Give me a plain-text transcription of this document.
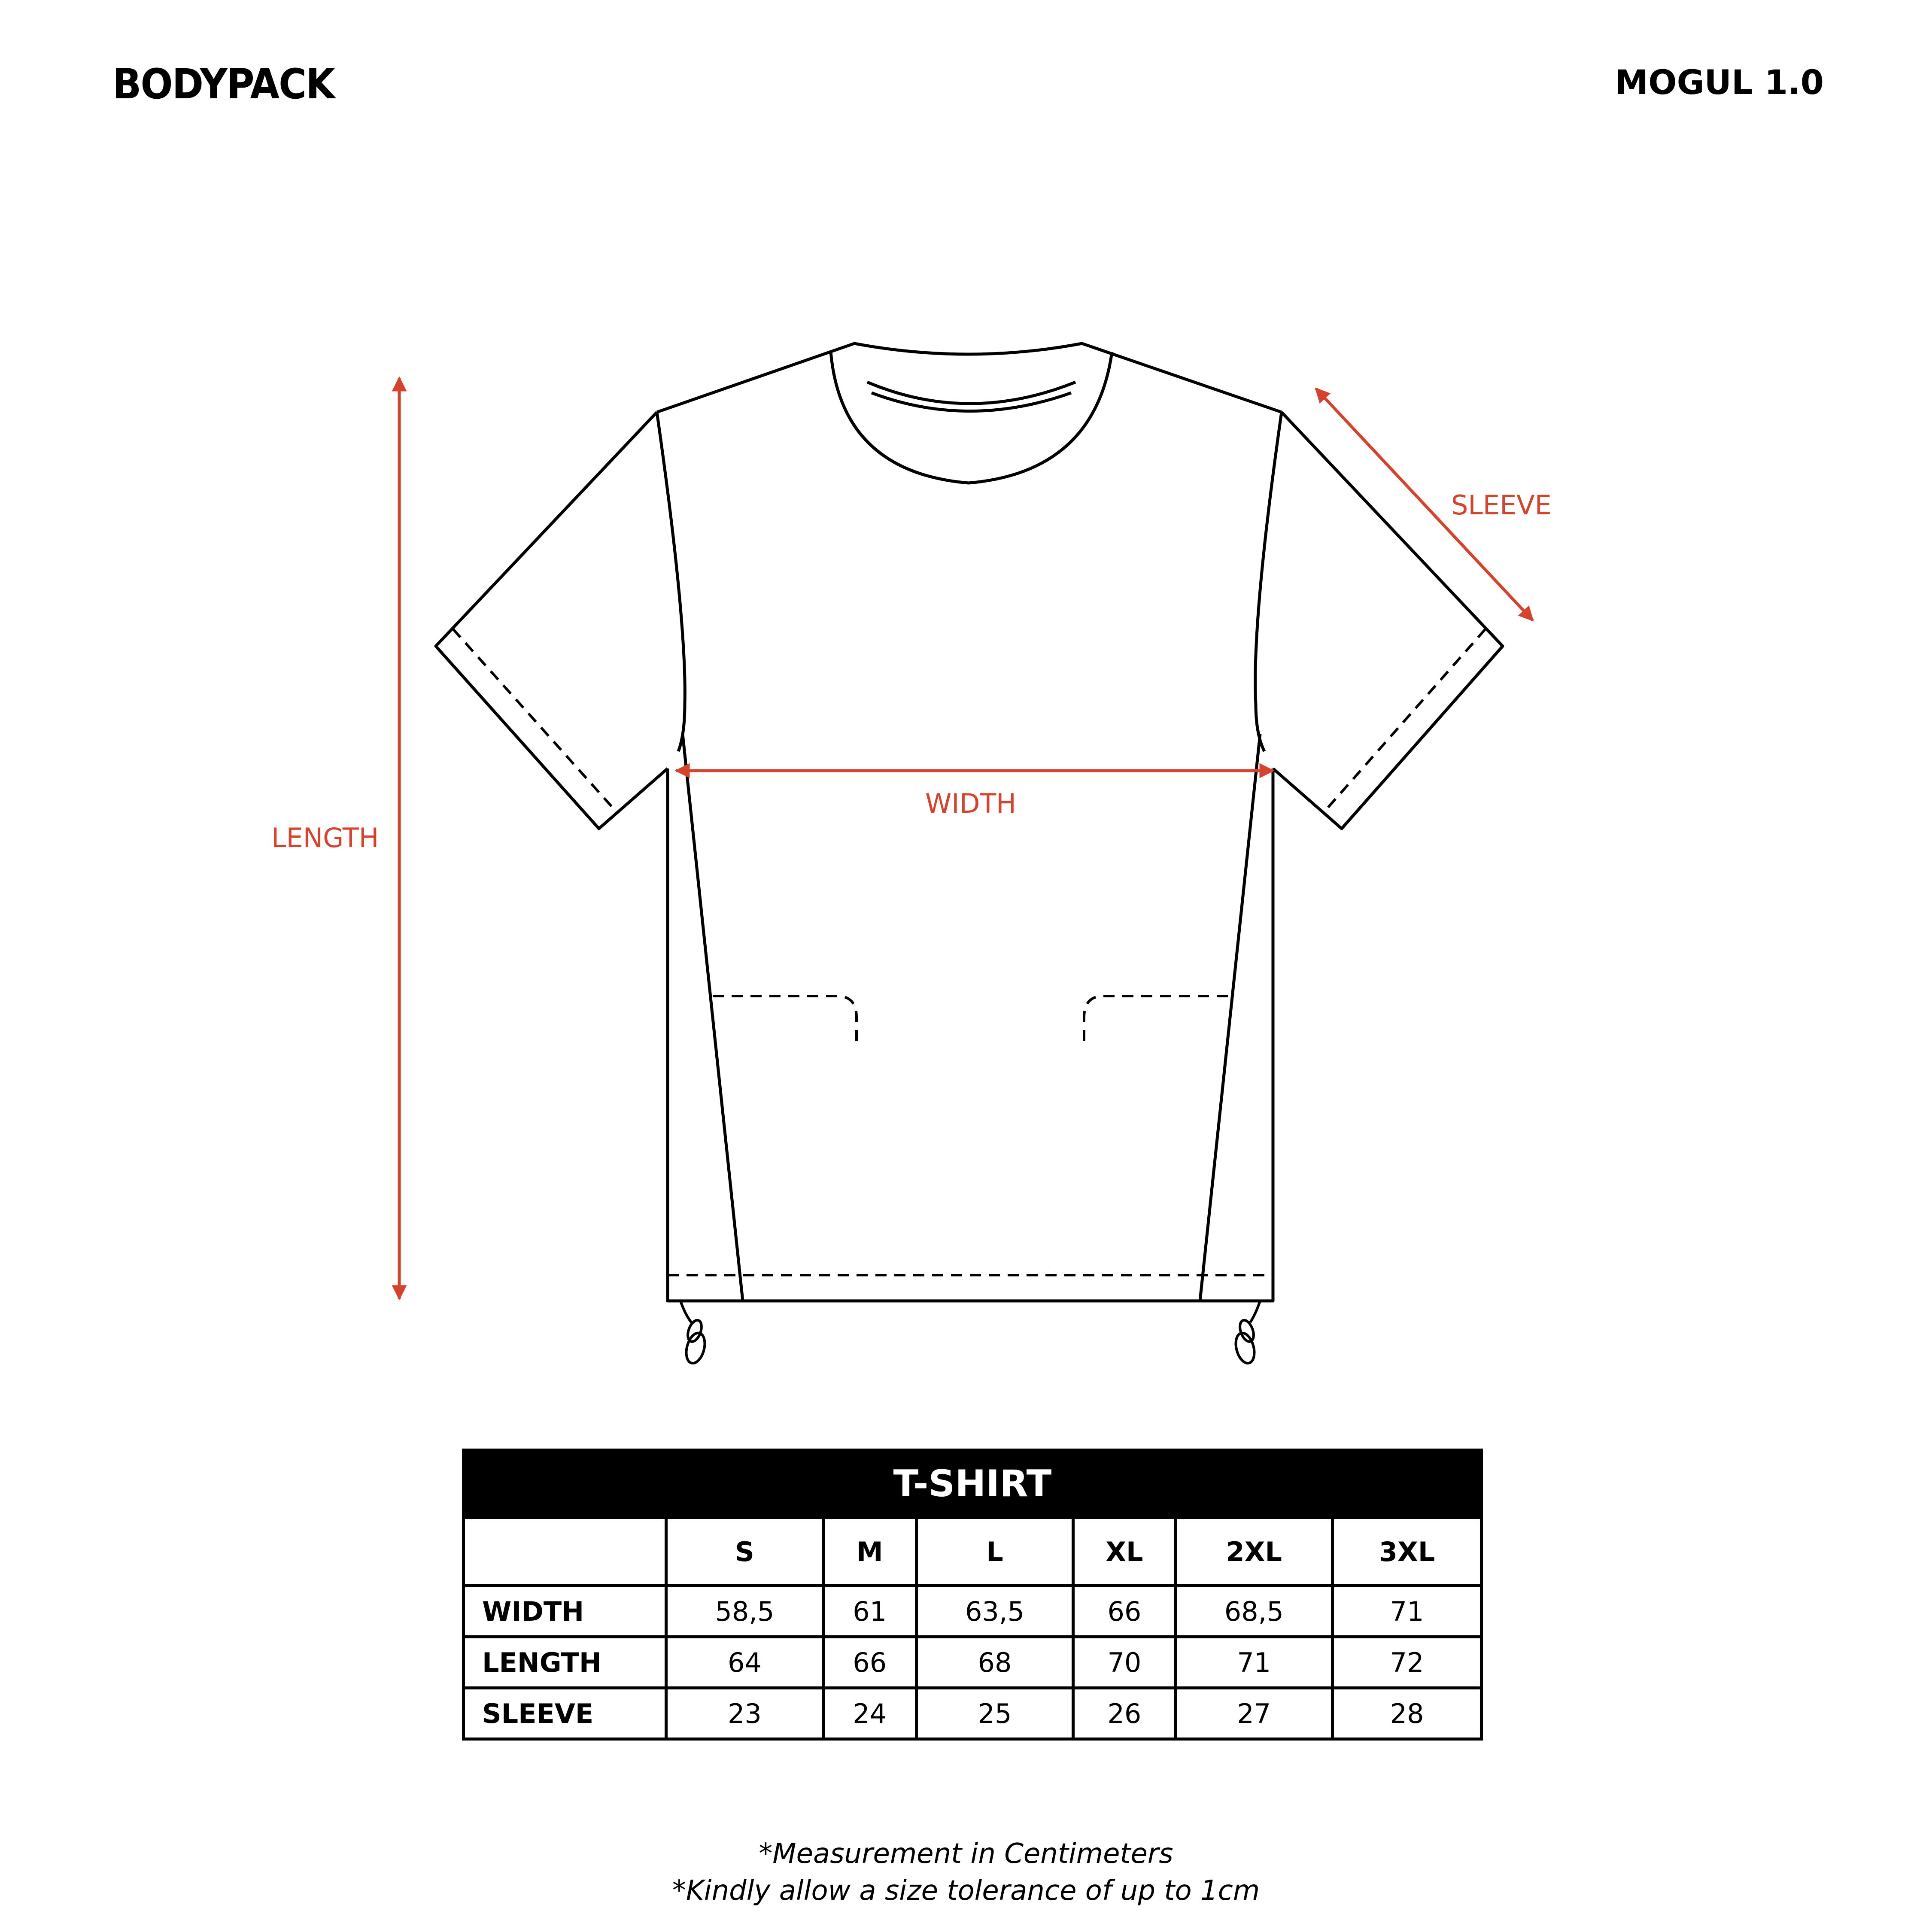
BODYPACK	MOGUL 1.0
LENGTH
WIDTH
SLEEVE
T-SHIRT						
	S	M	L	XL	2XL	3XL
WIDTH	58,5	61	63,5	66	68,5	71
LENGTH	64	66	68	70	71	72
SLEEVE	23	24	25	26	27	28
*Measurement in Centimeters
*Kindly allow a size tolerance of up to 1cm
